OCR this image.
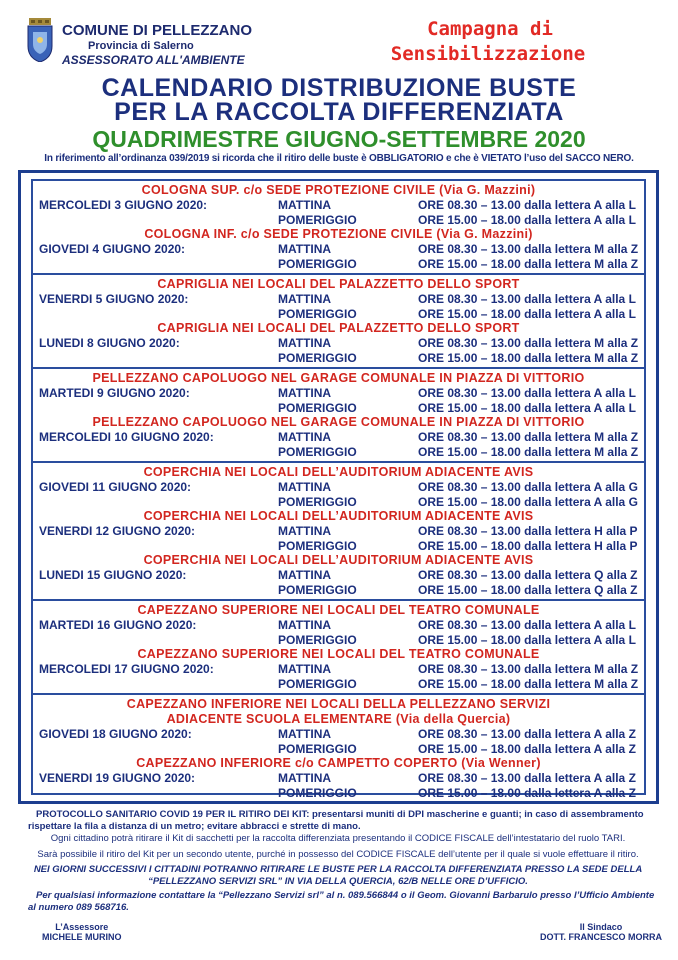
COMUNE DI PELLEZZANO
Provincia di Salerno
ASSESSORATO ALL'AMBIENTE
Campagna di
Sensibilizzazione
CALENDARIO DISTRIBUZIONE BUSTE
PER LA RACCOLTA DIFFERENZIATA
QUADRIMESTRE GIUGNO-SETTEMBRE 2020
In riferimento all’ordinanza 039/2019 si ricorda che il ritiro delle buste è OBBLIGATORIO e che è VIETATO l’uso del SACCO NERO.
COLOGNA SUP. c/o SEDE PROTEZIONE CIVILE (Via G. Mazzini)
MERCOLEDI 3 GIUGNO 2020:	MATTINA	ORE 08.30 – 13.00 dalla lettera A alla L
POMERIGGIO	ORE 15.00 – 18.00 dalla lettera A alla L
COLOGNA INF. c/o SEDE PROTEZIONE CIVILE (Via G. Mazzini)
GIOVEDI 4 GIUGNO 2020:	MATTINA	ORE 08.30 – 13.00 dalla lettera M alla Z
POMERIGGIO	ORE 15.00 – 18.00 dalla lettera M alla Z
CAPRIGLIA NEI LOCALI DEL PALAZZETTO DELLO SPORT
VENERDI 5 GIUGNO 2020:	MATTINA	ORE 08.30 – 13.00 dalla lettera A alla L
POMERIGGIO	ORE 15.00 – 18.00 dalla lettera A alla L
CAPRIGLIA NEI LOCALI DEL PALAZZETTO DELLO SPORT
LUNEDI 8 GIUGNO 2020:	MATTINA	ORE 08.30 – 13.00 dalla lettera M alla Z
POMERIGGIO	ORE 15.00 – 18.00 dalla lettera M alla Z
PELLEZZANO CAPOLUOGO NEL GARAGE COMUNALE IN PIAZZA DI VITTORIO
MARTEDI 9 GIUGNO 2020:	MATTINA	ORE 08.30 – 13.00 dalla lettera A alla L
POMERIGGIO	ORE 15.00 – 18.00 dalla lettera A alla L
PELLEZZANO CAPOLUOGO NEL GARAGE COMUNALE IN PIAZZA DI VITTORIO
MERCOLEDI 10 GIUGNO 2020:	MATTINA	ORE 08.30 – 13.00 dalla lettera M alla Z
POMERIGGIO	ORE 15.00 – 18.00 dalla lettera M alla Z
COPERCHIA NEI LOCALI DELL’AUDITORIUM ADIACENTE AVIS
GIOVEDI 11 GIUGNO 2020:	MATTINA	ORE 08.30 – 13.00 dalla lettera A alla G
POMERIGGIO	ORE 15.00 – 18.00 dalla lettera A alla G
COPERCHIA NEI LOCALI DELL’AUDITORIUM ADIACENTE AVIS
VENERDI 12 GIUGNO 2020:	MATTINA	ORE 08.30 – 13.00 dalla lettera H alla P
POMERIGGIO	ORE 15.00 – 18.00 dalla lettera H alla P
COPERCHIA NEI LOCALI DELL’AUDITORIUM ADIACENTE AVIS
LUNEDI 15 GIUGNO 2020:	MATTINA	ORE 08.30 – 13.00 dalla lettera Q alla Z
POMERIGGIO	ORE 15.00 – 18.00 dalla lettera Q alla Z
CAPEZZANO SUPERIORE NEI LOCALI DEL TEATRO COMUNALE
MARTEDI 16 GIUGNO 2020:	MATTINA	ORE 08.30 – 13.00 dalla lettera A alla L
POMERIGGIO	ORE 15.00 – 18.00 dalla lettera A alla L
CAPEZZANO SUPERIORE NEI LOCALI DEL TEATRO COMUNALE
MERCOLEDI 17 GIUGNO 2020:	MATTINA	ORE 08.30 – 13.00 dalla lettera M alla Z
POMERIGGIO	ORE 15.00 – 18.00 dalla lettera M alla Z
CAPEZZANO INFERIORE NEI LOCALI DELLA PELLEZZANO SERVIZI
ADIACENTE SCUOLA ELEMENTARE (Via della Quercia)
GIOVEDI 18 GIUGNO 2020:	MATTINA	ORE 08.30 – 13.00 dalla lettera A alla Z
POMERIGGIO	ORE 15.00 – 18.00 dalla lettera A alla Z
CAPEZZANO INFERIORE c/o CAMPETTO COPERTO (Via Wenner)
VENERDI 19 GIUGNO 2020:	MATTINA	ORE 08.30 – 13.00 dalla lettera A alla Z
POMERIGGIO	ORE 15.00 – 18.00 dalla lettera A alla Z
PROTOCOLLO SANITARIO COVID 19 PER IL RITIRO DEI KIT: presentarsi muniti di DPI mascherine e guanti; in caso di assembramento
rispettare la fila a distanza di un metro; evitare abbracci e strette di mano.
Ogni cittadino potrà ritirare il Kit di sacchetti per la raccolta differenziata presentando il CODICE FISCALE dell’intestatario del ruolo TARI.
Sarà possibile il ritiro del Kit per un secondo utente, purché in possesso del CODICE FISCALE dell’utente per il quale si vuole effettuare il ritiro.
NEI GIORNI SUCCESSIVI I CITTADINI POTRANNO RITIRARE LE BUSTE PER LA RACCOLTA DIFFERENZIATA PRESSO LA SEDE DELLA
“PELLEZZANO SERVIZI SRL” IN VIA DELLA QUERCIA, 62/B NELLE ORE D’UFFICIO.
Per qualsiasi informazione contattare la “Pellezzano Servizi srl” al n. 089.566844 o il Geom. Giovanni Barbarulo presso l’Ufficio Ambiente
al numero 089 568716.
L’Assessore
MICHELE MURINO
Il Sindaco
DOTT. FRANCESCO MORRA
